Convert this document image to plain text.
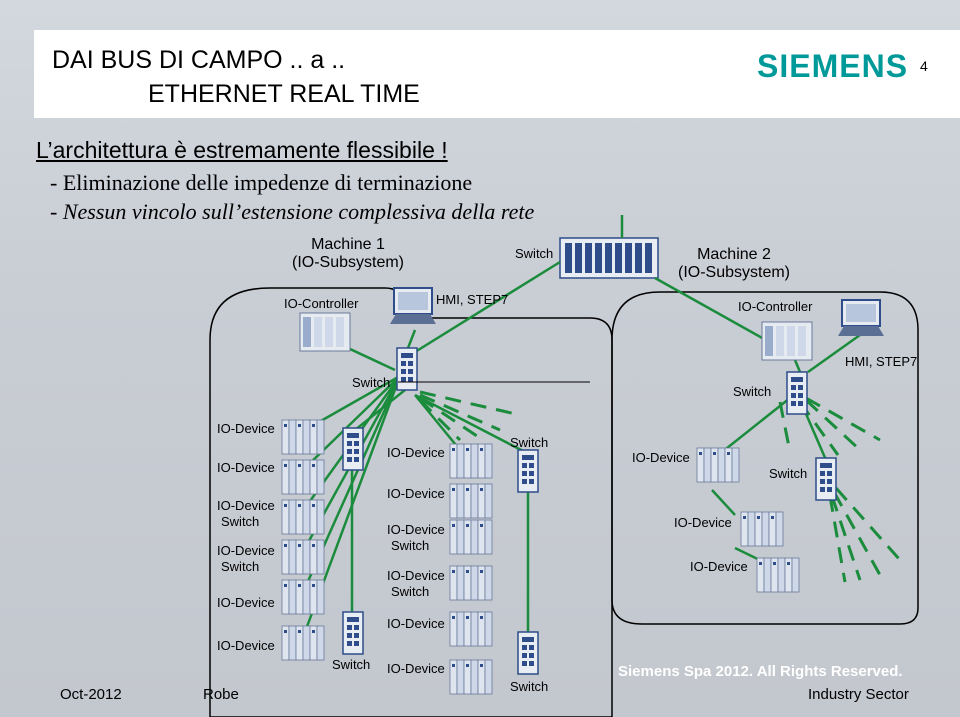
DAI BUS DI CAMPO .. a ..
ETHERNET REAL TIME
SIEMENS 4
L’architettura è estremamente flessibile !
- Eliminazione delle impedenze di terminazione
- Nessun vincolo sull’estensione complessiva della rete
Machine 1
(IO-Subsystem)	Machine 2
(IO-Subsystem)
Switch
IO-Controller	HMI, STEP7	IO-Controller
HMI, STEP7
Switch
Switch
Switch
Switch
IO-Device
IO-Device
IO-Device
Switch
IO-Device
Switch
IO-Device
IO-Device
IO-Device
IO-Device
IO-Device
Switch
IO-Device
Switch
IO-Device
IO-Device
Switch
Switch
IO-Device
IO-Device
IO-Device
Oct-2012	Robe
Siemens Spa 2012. All Rights Reserved.
Industry Sector
